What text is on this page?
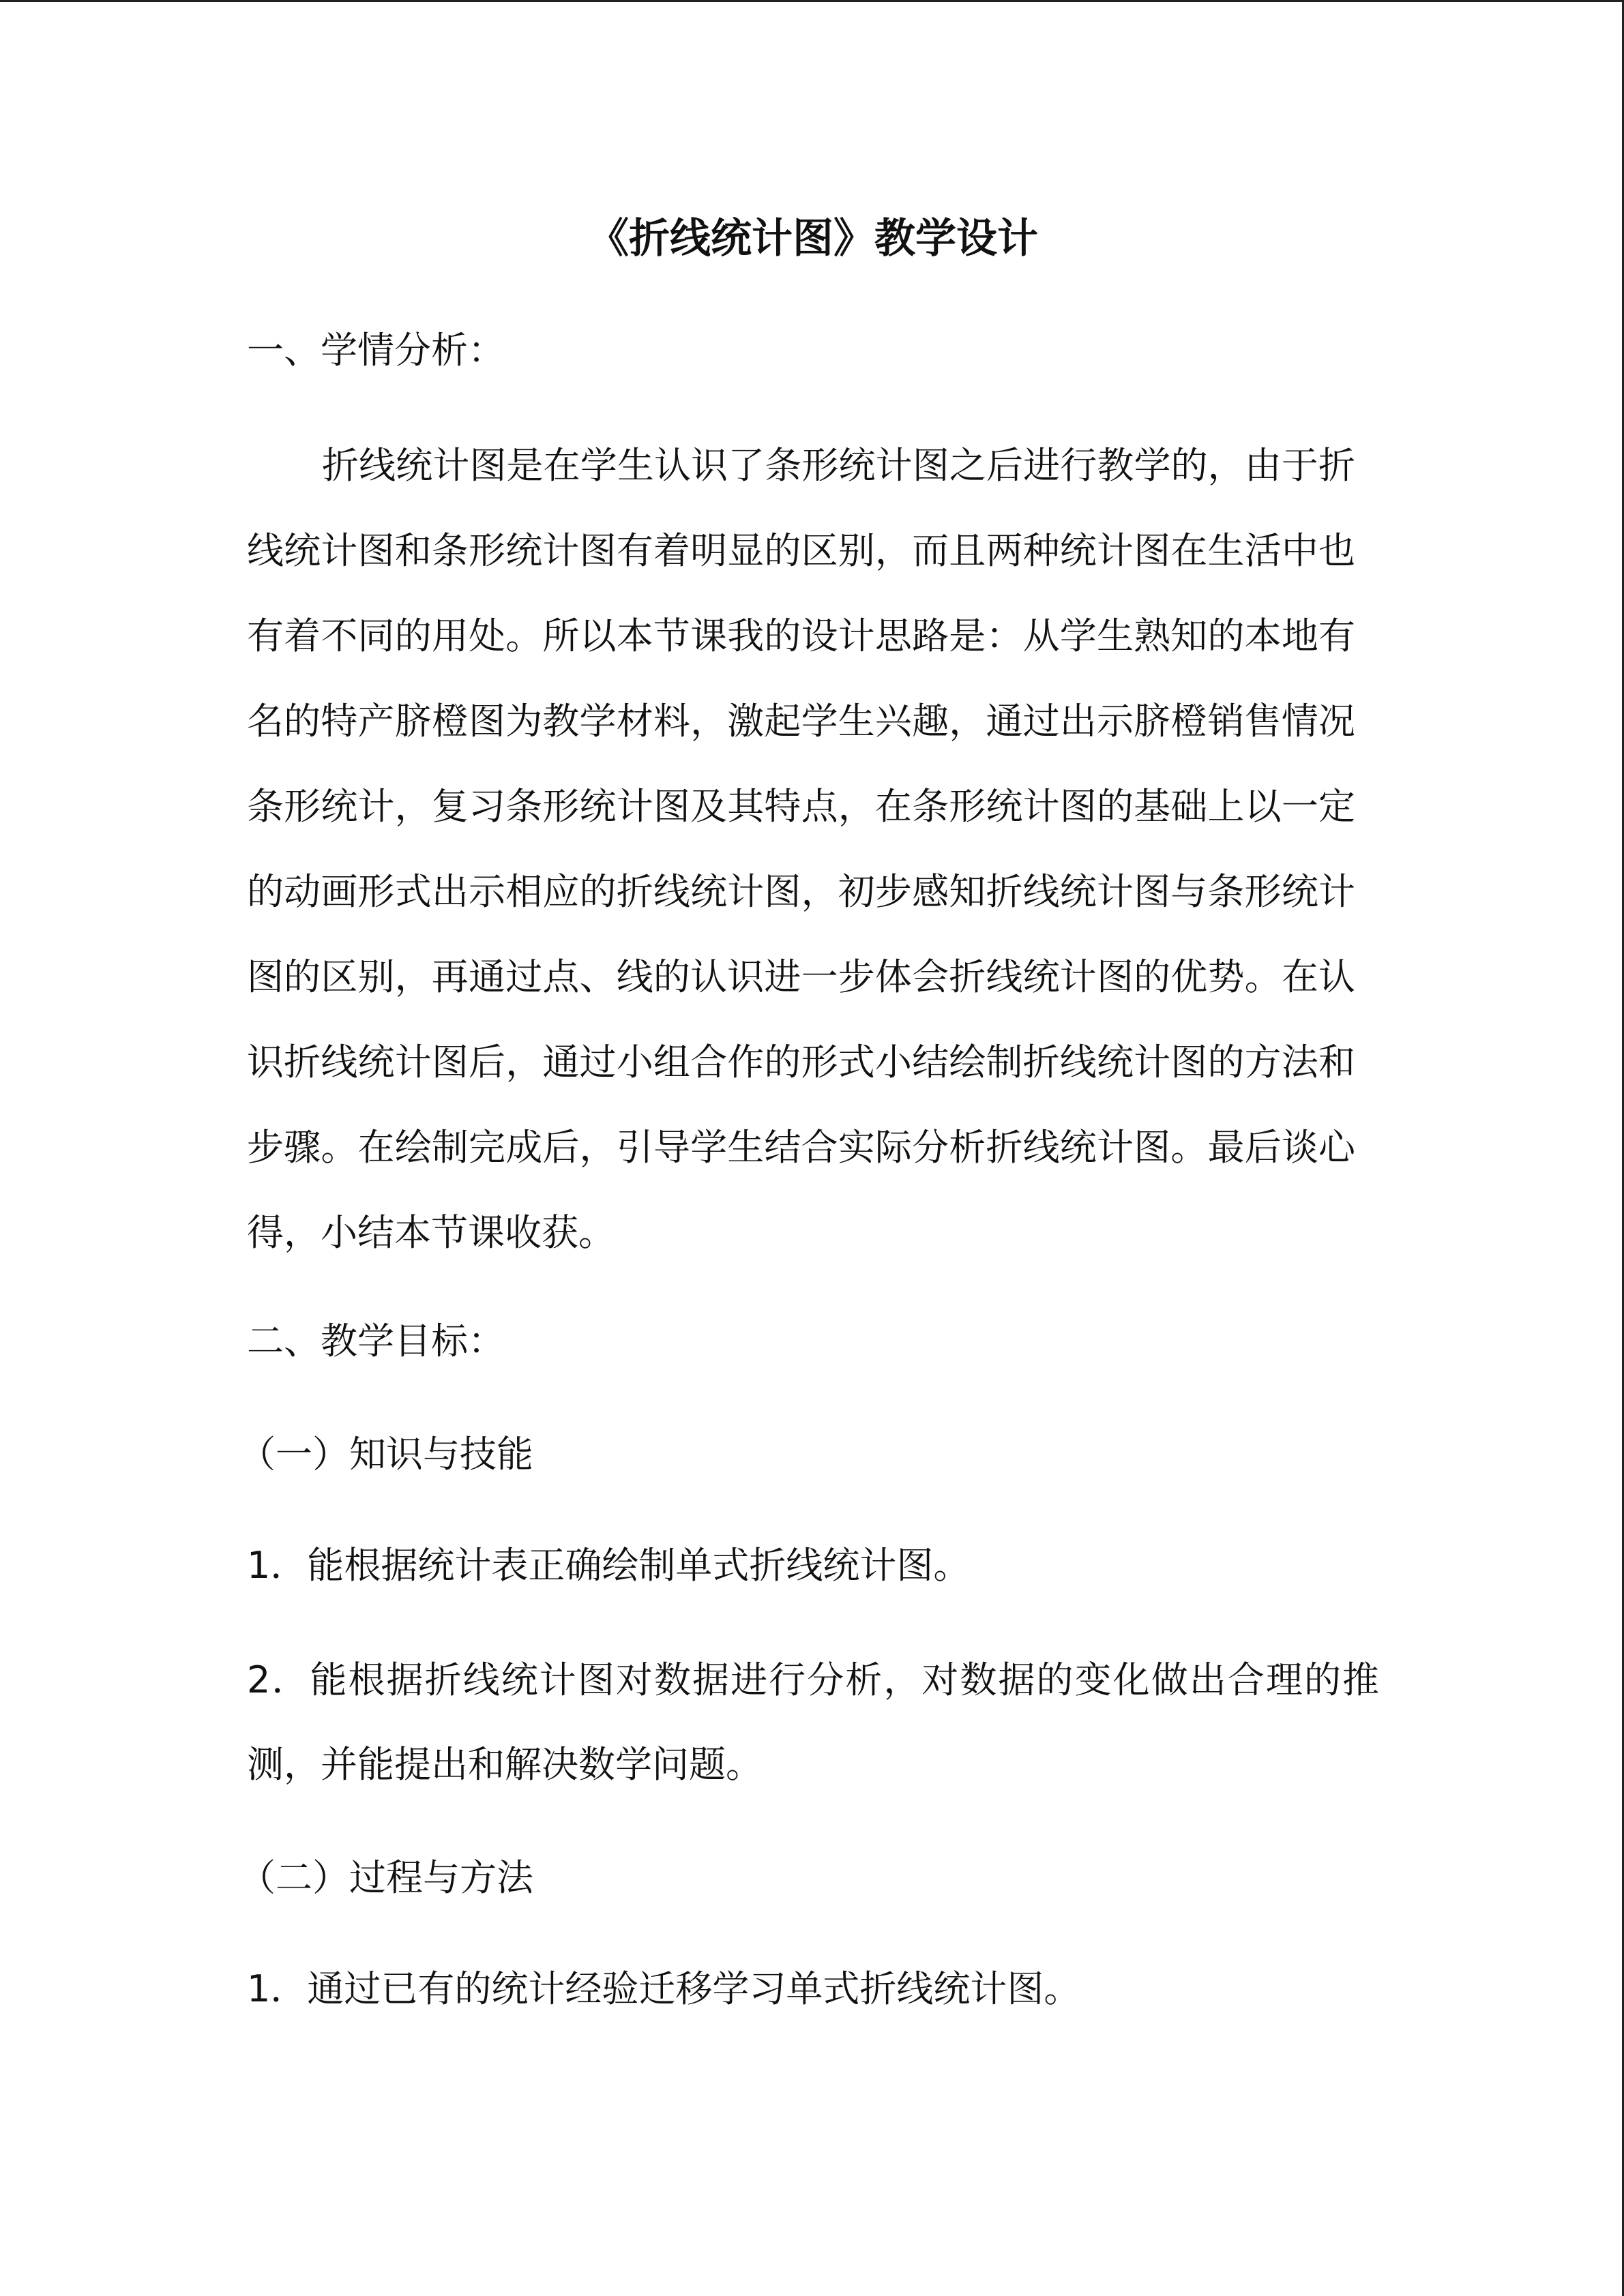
《折线统计图》教学设计
一、学情分析：
折线统计图是在学生认识了条形统计图之后进行教学的，由于折线统计图和条形统计图有着明显的区别，而且两种统计图在生活中也有着不同的用处。所以本节课我的设计思路是：从学生熟知的本地有名的特产脐橙图为教学材料，激起学生兴趣，通过出示脐橙销售情况条形统计，复习条形统计图及其特点，在条形统计图的基础上以一定的动画形式出示相应的折线统计图，初步感知折线统计图与条形统计图的区别，再通过点、线的认识进一步体会折线统计图的优势。在认识折线统计图后，通过小组合作的形式小结绘制折线统计图的方法和步骤。在绘制完成后，引导学生结合实际分析折线统计图。最后谈心得，小结本节课收获。
二、教学目标：
（一）知识与技能
1．能根据统计表正确绘制单式折线统计图。
2．能根据折线统计图对数据进行分析，对数据的变化做出合理的推测，并能提出和解决数学问题。
（二）过程与方法
1．通过已有的统计经验迁移学习单式折线统计图。
